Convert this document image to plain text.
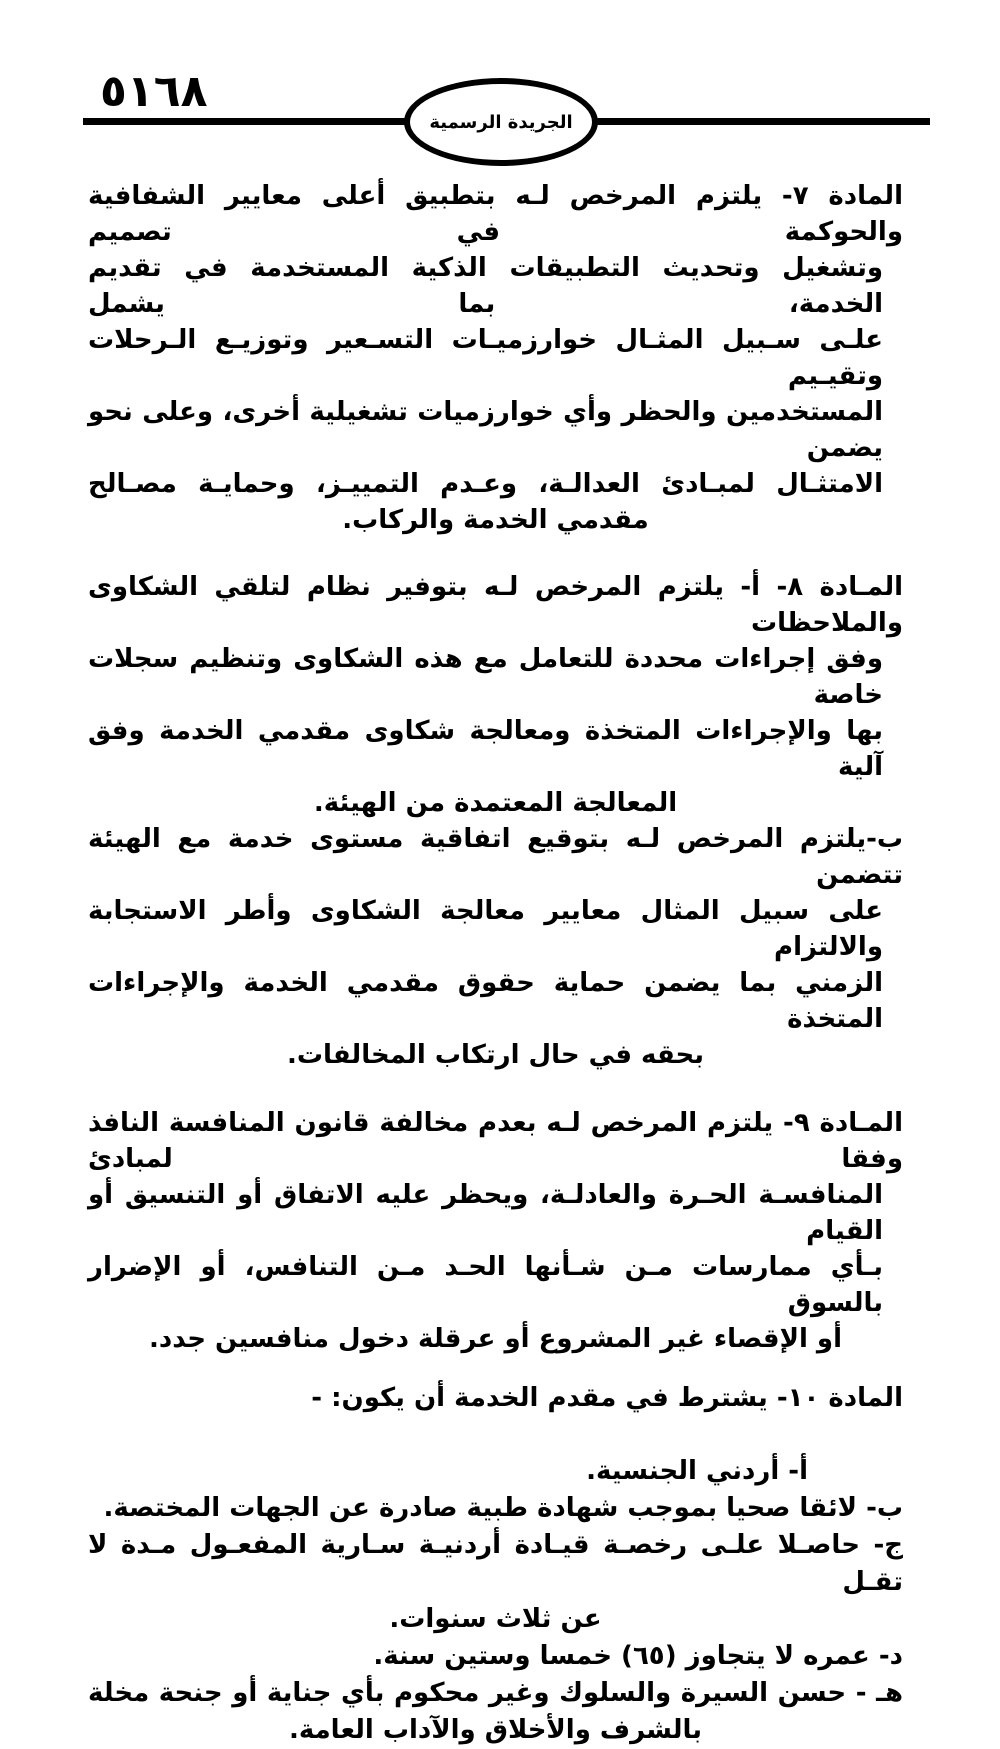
٥١٦٨
الجريدة الرسمية
المادة ٧- يلتزم المرخص لـه بتطبيق أعلى معايير الشفافية والحوكمة في تصميم
وتشغيل وتحديث التطبيقات الذكية المستخدمة في تقديم الخدمة، بما يشمل
علـى سـبيل المثـال خوارزميـات التسـعير وتوزيـع الـرحلات وتقيـيم
المستخدمين والحظر وأي خوارزميات تشغيلية أخرى، وعلى نحو يضمن
الامتثـال لمبـادئ العدالـة، وعـدم التمييـز، وحمايـة مصـالح
مقدمي الخدمة والركاب.
المـادة ٨- أ- يلتزم المرخص لـه بتوفير نظام لتلقي الشكاوى والملاحظات
وفق إجراءات محددة للتعامل مع هذه الشكاوى وتنظيم سجلات خاصة
بها والإجراءات المتخذة ومعالجة شكاوى مقدمي الخدمة وفق آلية
المعالجة المعتمدة من الهيئة.
ب-يلتزم المرخص لـه بتوقيع اتفاقية مستوى خدمة مع الهيئة تتضمن
على سبيل المثال معايير معالجة الشكاوى وأطر الاستجابة والالتزام
الزمني بما يضمن حماية حقوق مقدمي الخدمة والإجراءات المتخذة
بحقه في حال ارتكاب المخالفات.
المـادة ٩- يلتزم المرخص لـه بعدم مخالفة قانون المنافسة النافذ وفقا لمبادئ
المنافسـة الحـرة والعادلـة، ويحظر عليه الاتفاق أو التنسيق أو القيام
بـأي ممارسات مـن شـأنها الحـد مـن التنافس، أو الإضرار بالسوق
أو الإقصاء غير المشروع أو عرقلة دخول منافسين جدد.
المادة ١٠- يشترط في مقدم الخدمة أن يكون: -
أ- أردني الجنسية.
ب- لائقا صحيا بموجب شهادة طبية صادرة عن الجهات المختصة.
ج- حاصـلا علـى رخصـة قيـادة أردنيـة سـارية المفعـول مـدة لا تقـل
عن ثلاث سنوات.
د- عمره لا يتجاوز (٦٥) خمسا وستين سنة.
هـ - حسن السيرة والسلوك وغير محكوم بأي جناية أو جنحة مخلة
بالشرف والأخلاق والآداب العامة.
